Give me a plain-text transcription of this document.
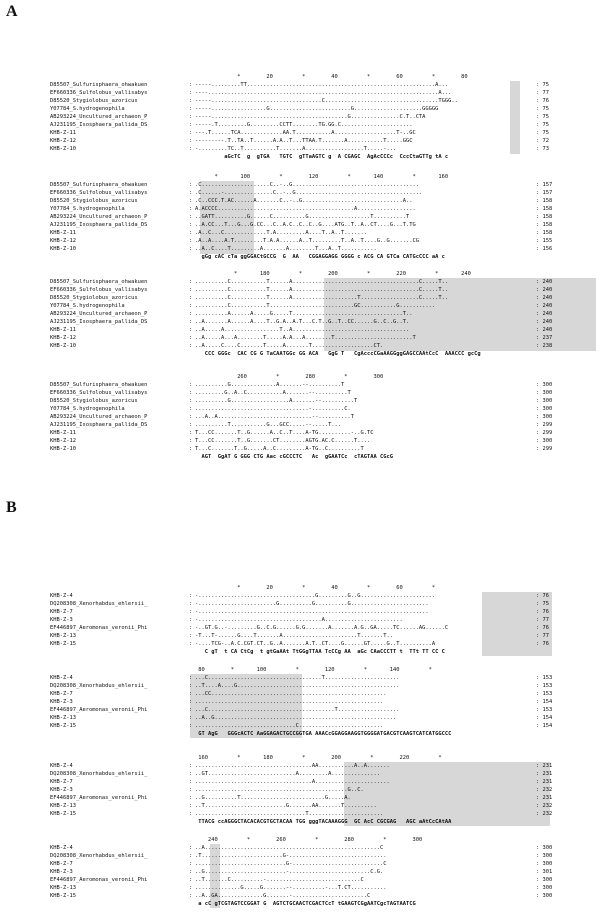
A
*        20         *        40         *        60         *        80
D85507_Sulfurisphaera_ohwakuen	: -----.........TT..........................................................A...	: 75
EF660336_Sulfolobus_vallisabys	: ----.......................................................................A...	: 77
D85520_Stygiolobus_azoricus	: -----..................................C...................................TGGG..	: 76
Y07784_S.hydrogenophila	: -----.................G.........................G.....................GGGGG	: 75
AB293224_Uncultured_archaeon_P	: -----..........................................G...............C.T..CTA	: 75
AJ231195_Isosphaera_pallida_DS	: -----.T.........G.........CCTT........TG.GG.C......................	: 75
KHB-Z-11	: ---.T......TCA.............AA.T...........A...................T-..GC	: 75
KHB-Z-12	: ---------.T..TA..T......A.A..T...TTAA.T.......A...........T.....GGC	: 72
KHB-Z-10	: -.........TC..T..........T.......A..................T.....-...	: 73
aGcTC  g  gTGA   TGTC  gTTaAGTC g  A CGAGC  AgAcCCCc  CccCtaGTTg tA c
*       100         *        120         *       140         *       160
D85507_Sulfurisphaera_ohwakuen	: .C.....................C..-..G.......................................	: 157
EF660336_Sulfolobus_vallisabys	: .C......-...............C..-..G.......................................	: 157
D85520_Stygiolobus_azoricus	: .C..CCC.T.AC......A.......C..-..G...............................A..	: 158
Y07784_S.hydrogenophila	: A.ACCCC..........................................A..................	: 158
AB293224_Uncultured_archaeon_P	: ..GATT..........G......C..........G...................T..........T	: 158
AJ231195_Isosphaera_pallida_DS	: ..A.CC...T...G...G.CC...C..A.C..C..C..G....ATG..T..A..CT....G...T.TG	: 158
KHB-Z-11	: .A..C...C.............T.A.........A....T..A..T.......	: 158
KHB-Z-12	: .A..A....A.T.........T.A.A......A..T.........T..A..T....G..G.......CG	: 155
KHB-Z-10	: ..A..C....T.........A.......A........T...A..T...........	: 156
gGg cAC cTa ggGGACtGCCG  G  AA   CGGAGGAGG GGGG c ACG CA GTCa CATGcCCC aA c
*       180         *        200         *        220         *       240
D85507_Sulfurisphaera_ohwakuen	: ..........C...........T......A.......................................C.....T..	: 240
EF660336_Sulfolobus_vallisabys	: ..........C...........T......A.......................................C.....T..	: 240
D85520_Stygiolobus_azoricus	: ..........C...........T......A....................T..................C.....T..	: 240
Y07784_S.hydrogenophila	: ..........C...........T..........................GC...........G...........	: 240
AB293224_Uncultured_archaeon_P	: ..........A......A.....G.....T..................................T..	: 240
AJ231195_Isosphaera_pallida_DS	: ..A.......A......A....T..G.A..A.T...C.T..G..T..CC......G..C..G..T.	: 240
KHB-Z-11	: ..A.....A.................T..A....................................	: 240
KHB-Z-12	: ..A.....A...A........T.....A.A...A........T........................T	: 237
KHB-Z-10	: ..A.....C....C.......T.....A.......T...................CT.	: 238
CCC GGGc  CAC CG G TaCAATGGc GG ACA   GgG T   CgAcccCGaAAGGggGAGCCAAtCcC  AAACCC gcCg
260         *        280         *        300
D85507_Sulfurisphaera_ohwakuen	: ..........G..............A.......--..........T	: 300
EF660336_Sulfolobus_vallisabys	: .........G..A..C...........A.......--..........T	: 300
D85520_Stygiolobus_azoricus	: ..........G..................A.......--..........T	: 300
Y07784_S.hydrogenophila	: ...................................-..........C.	: 300
AB293224_Uncultured_archaeon_P	: ...A..A.............................--..........T	: 300
AJ231195_Isosphaera_pallida_DS	: ..........T...........G...GCC.....--.....T...	: 299
KHB-Z-11	: T...CC.......T..G......A..C..T....A-TG..........-..G.TC	: 299
KHB-Z-12	: T...CC.......T..G.......CT........AGTG.AC.C......T....	: 300
KHB-Z-10	: T...C.......T..G.....A..C.........A-TG..C..........T	: 299
AGT  GgAT G GGG CTG Aac cGCCCTC   Ac  gGAATCc  cTAGTAA CGcG
B
*        20         *        40         *        60         *
KHB-Z-4	: -....................................G.........G..G.......................	: 76
DQ208308_Xenorhabdus_ehlersii_	: -........................G..........G..........G........................	: 75
KHB-Z-7	: -.......................................................................	: 76
KHB-Z-3	: -......................................A........................	: 77
EF446897_Aeromonas_veronii_Phi	: -..GT.G..-.........G..C.G......G.G.......A.......A.G..GA.....TC......AG......C	: 76
KHB-Z-13	: -T...T-......G....T.......A.......................T.......T..	: 77
KHB-Z-15	: -....TCG-..A.C.CGT.CT..G..A.......A.T..CT....G......GT.....G..T..........A	: 76
C gT  t CA CtCg  t gtGaAAt TtGGgTTAA TcCCg AA  aGc CAaCCCTT t  TTt TT CC C
80        *       100         *        120         *       140         *
KHB-Z-4	: ...C...................................T.......................	: 153
DQ208308_Xenorhabdus_ehlersii_	: ..T....A....G..................................................	: 153
KHB-Z-7	: ...CC......................................................	: 153
KHB-Z-3	: ..........................................................	: 154
EF446897_Aeromonas_veronii_Phi	: ...C.......................................T...................	: 153
KHB-Z-13	: ..A..G........................................................	: 154
KHB-Z-15	: ...............................C..........................	: 154
GT AgG   GGGcACTC AaGGAGACTGCCGGTGA AAACcGGAGGAAGGTGGGGATGACGTCAAGTCATCATGGCCC
160         *       180         *        200         *        220         *
KHB-Z-4	: ....................................AA...........A..A.......	: 231
DQ208308_Xenorhabdus_ehlersii_	: ..GT...........................A.........A...............	: 231
KHB-Z-7	: ....................................A.......................	: 231
KHB-Z-3	: ...............................................G..C.	: 232
EF446897_Aeromonas_veronii_Phi	: ..G..........T..........................G.....A.	: 231
KHB-Z-13	: ..T.........................G.......AA.......T..........	: 232
KHB-Z-15	: ..................................T.......................	: 232
TTACG ccAGGGCTACACACGTGCTACAA TGG gggTACAAAGGG  GC AcC CGCGAG   AGC aAtCcCAtAA
240         *        260         *        280         *        300
KHB-Z-4	: ..A......................................................C	: 300
DQ208308_Xenorhabdus_ehlersii_	: .T.........................G-..............................	: 300
KHB-Z-7	: ............................G-............................C	: 300
KHB-Z-3	: ..G.........................-.........................C.G.	: 301
EF446897_Aeromonas_veronii_Phi	: ..T.......C..........-.............................C	: 300
KHB-Z-13	: ..............G.....G.......--..........-...T.CT...........	: 300
KHB-Z-15	: ..A..GA..............G.......-.......................C	: 300
a cC gTCGTAGTCCGGAT G  AGTCTGCAACTCGACTCcT tGAAGTCGgAATCgcTAGTAATCG
